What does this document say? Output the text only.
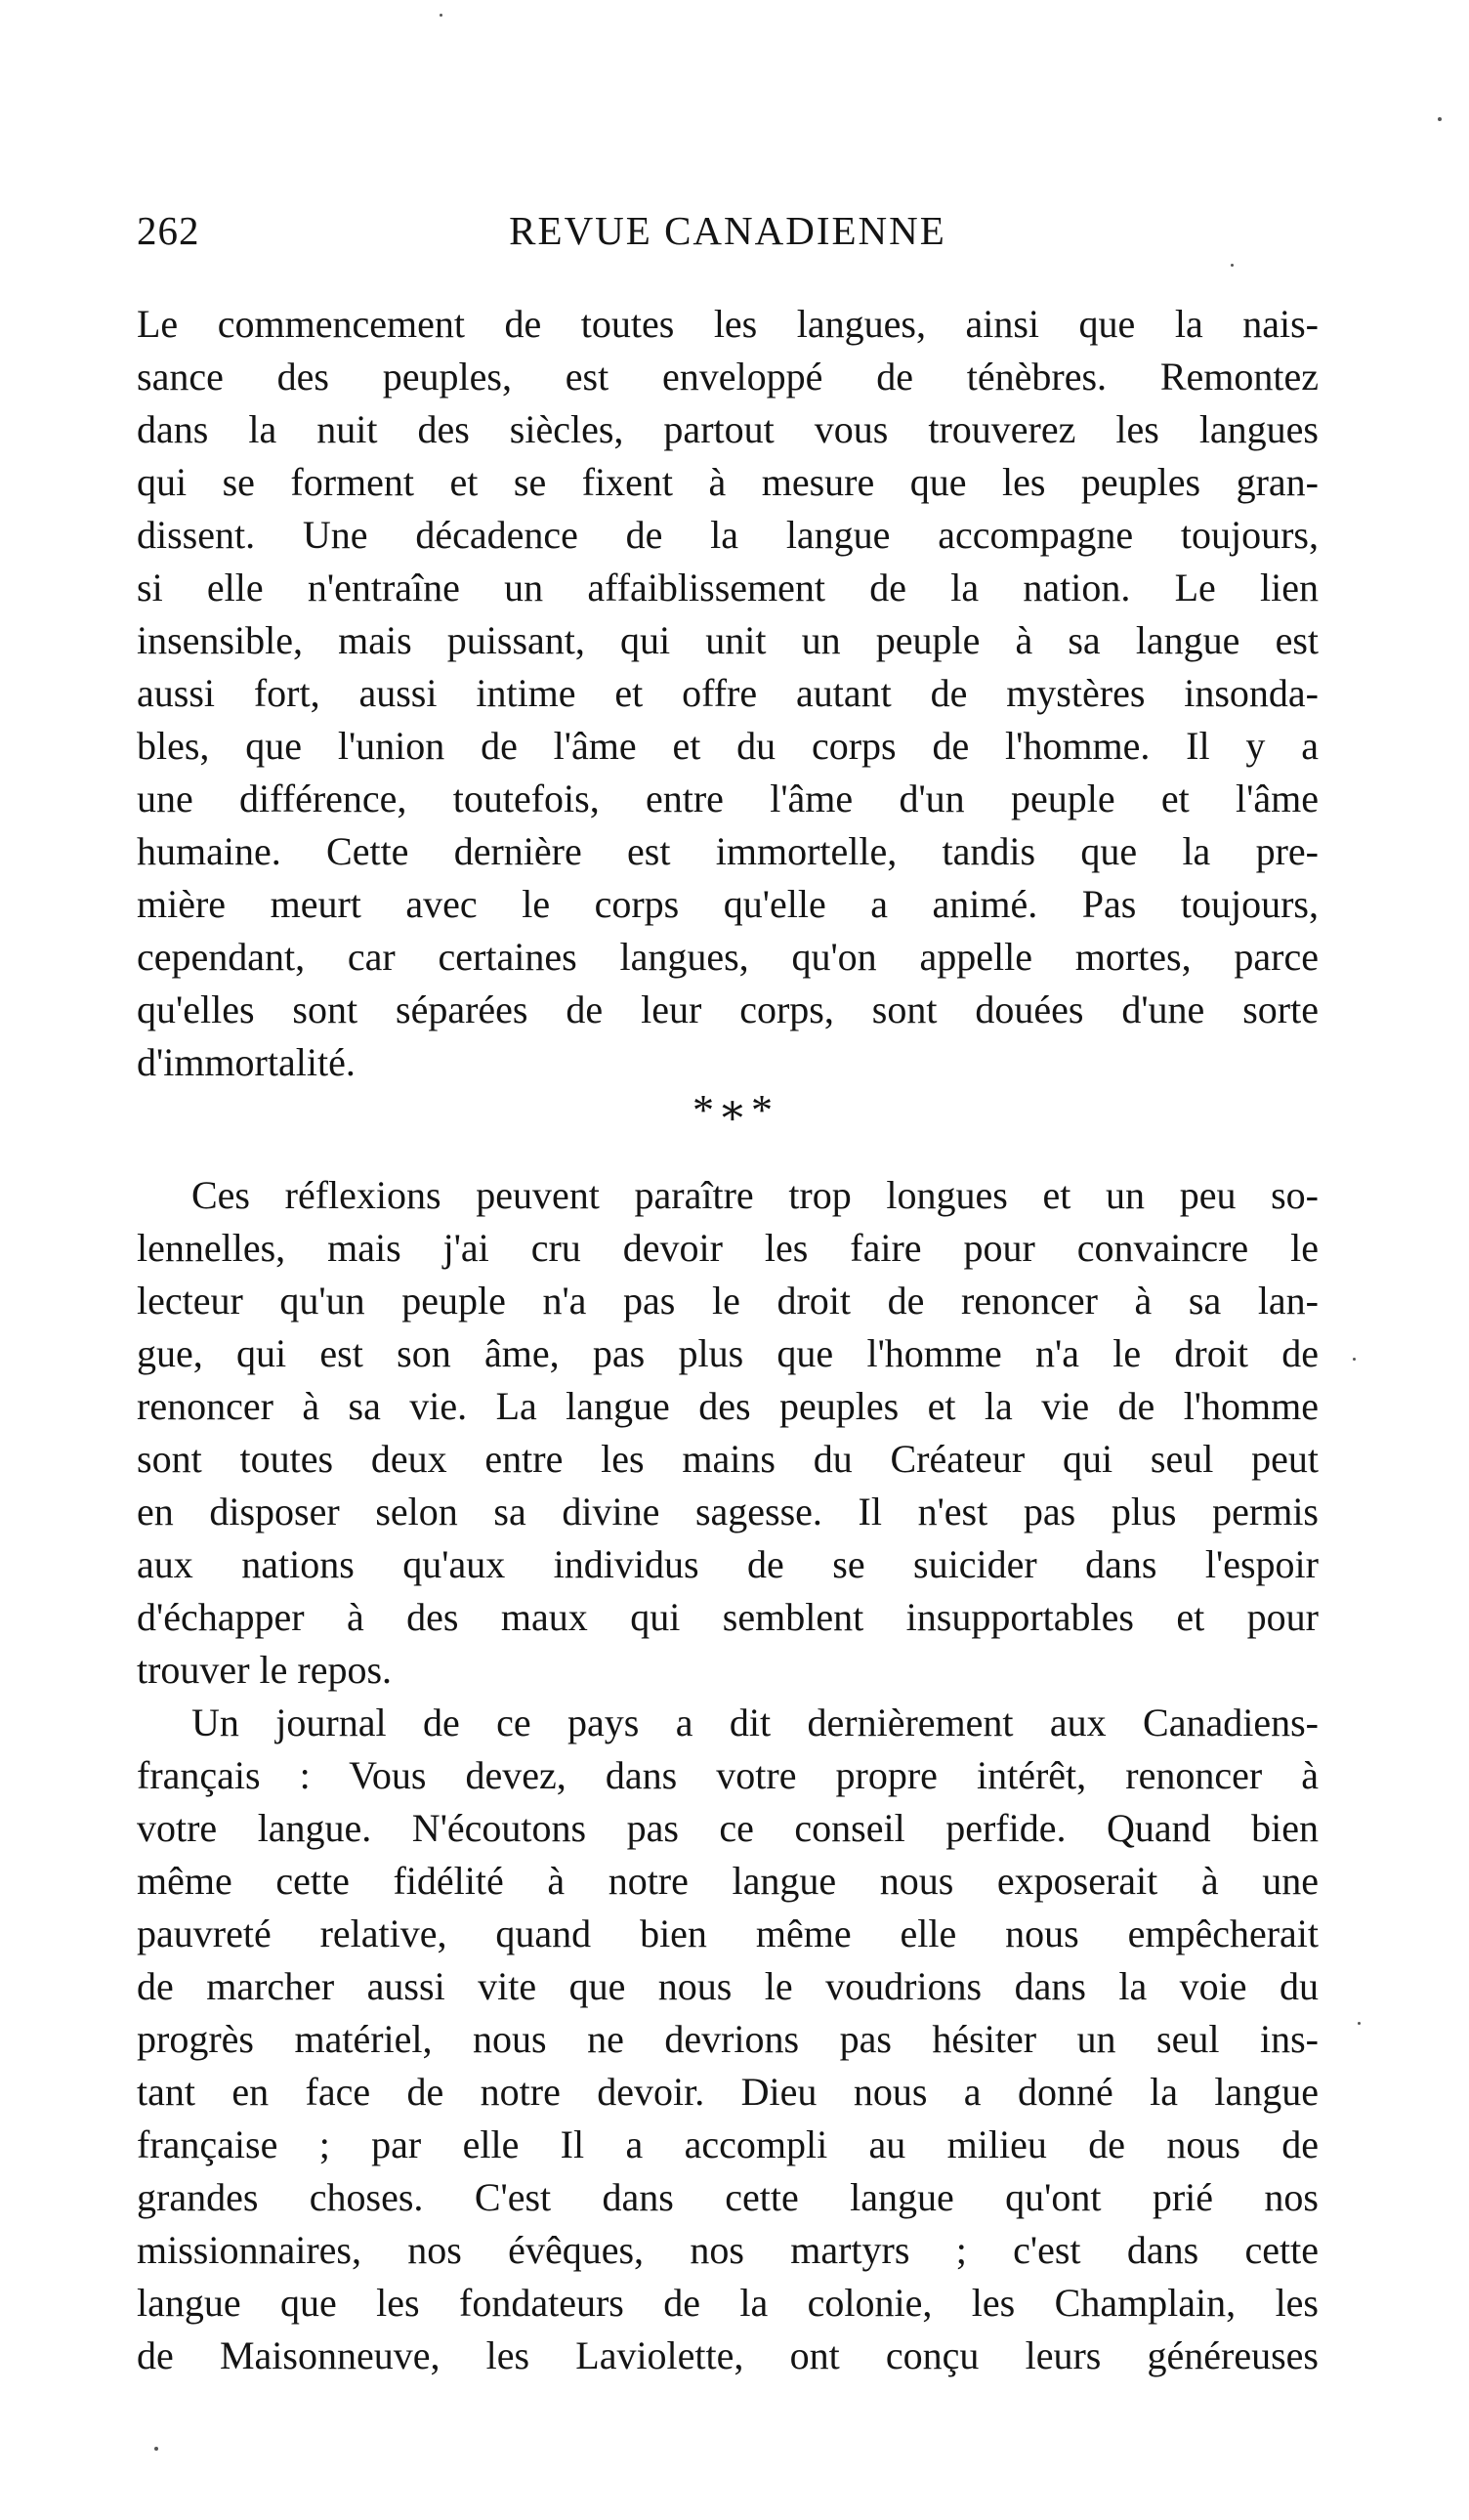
262	REVUE CANADIENNE
Le commencement de toutes les langues, ainsi que la nais-
sance des peuples, est enveloppé de ténèbres. Remontez
dans la nuit des siècles, partout vous trouverez les langues
qui se forment et se fixent à mesure que les peuples gran-
dissent. Une décadence de la langue accompagne toujours,
si elle n'entraîne un affaiblissement de la nation. Le lien
insensible, mais puissant, qui unit un peuple à sa langue est
aussi fort, aussi intime et offre autant de mystères insonda-
bles, que l'union de l'âme et du corps de l'homme. Il y a
une différence, toutefois, entre l'âme d'un peuple et l'âme
humaine. Cette dernière est immortelle, tandis que la pre-
mière meurt avec le corps qu'elle a animé. Pas toujours,
cependant, car certaines langues, qu'on appelle mortes, parce
qu'elles sont séparées de leur corps, sont douées d'une sorte
d'immortalité.
*∗*
Ces réflexions peuvent paraître trop longues et un peu so-
lennelles, mais j'ai cru devoir les faire pour convaincre le
lecteur qu'un peuple n'a pas le droit de renoncer à sa lan-
gue, qui est son âme, pas plus que l'homme n'a le droit de
renoncer à sa vie. La langue des peuples et la vie de l'homme
sont toutes deux entre les mains du Créateur qui seul peut
en disposer selon sa divine sagesse. Il n'est pas plus permis
aux nations qu'aux individus de se suicider dans l'espoir
d'échapper à des maux qui semblent insupportables et pour
trouver le repos.
Un journal de ce pays a dit dernièrement aux Canadiens-
français : Vous devez, dans votre propre intérêt, renoncer à
votre langue. N'écoutons pas ce conseil perfide. Quand bien
même cette fidélité à notre langue nous exposerait à une
pauvreté relative, quand bien même elle nous empêcherait
de marcher aussi vite que nous le voudrions dans la voie du
progrès matériel, nous ne devrions pas hésiter un seul ins-
tant en face de notre devoir. Dieu nous a donné la langue
française ; par elle Il a accompli au milieu de nous de
grandes choses. C'est dans cette langue qu'ont prié nos
missionnaires, nos évêques, nos martyrs ; c'est dans cette
langue que les fondateurs de la colonie, les Champlain, les
de Maisonneuve, les Laviolette, ont conçu leurs généreuses
